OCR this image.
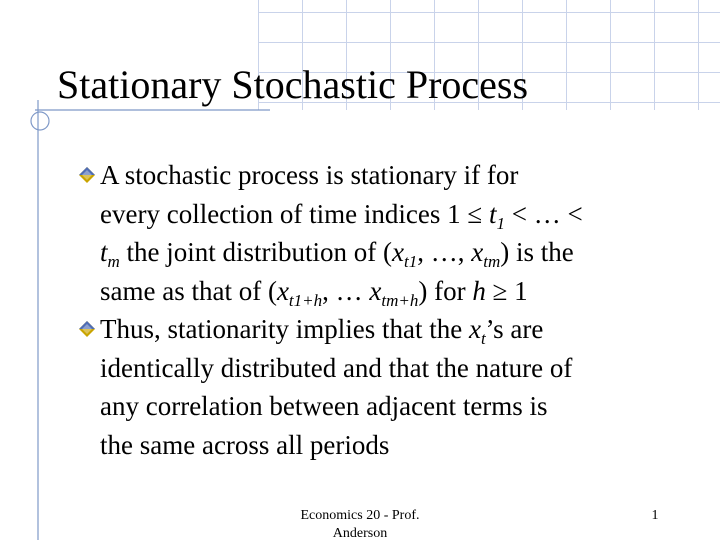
Stationary Stochastic Process

A stochastic process is stationary if for
every collection of time indices $1 \le t_1$ < … <
$t_m$ the joint distribution of ($x_{t1}$, …, $x_{tm}$) is the
same as that of ($x_{t1+h}$, … $x_{tm+h}$) for h ≥ 1

Thus, stationarity implies that the $x_t’s$ are
identically distributed and that the nature of
any correlation between adjacent terms is
the same across all periods

Economics 20 - Prof. Anderson
1
